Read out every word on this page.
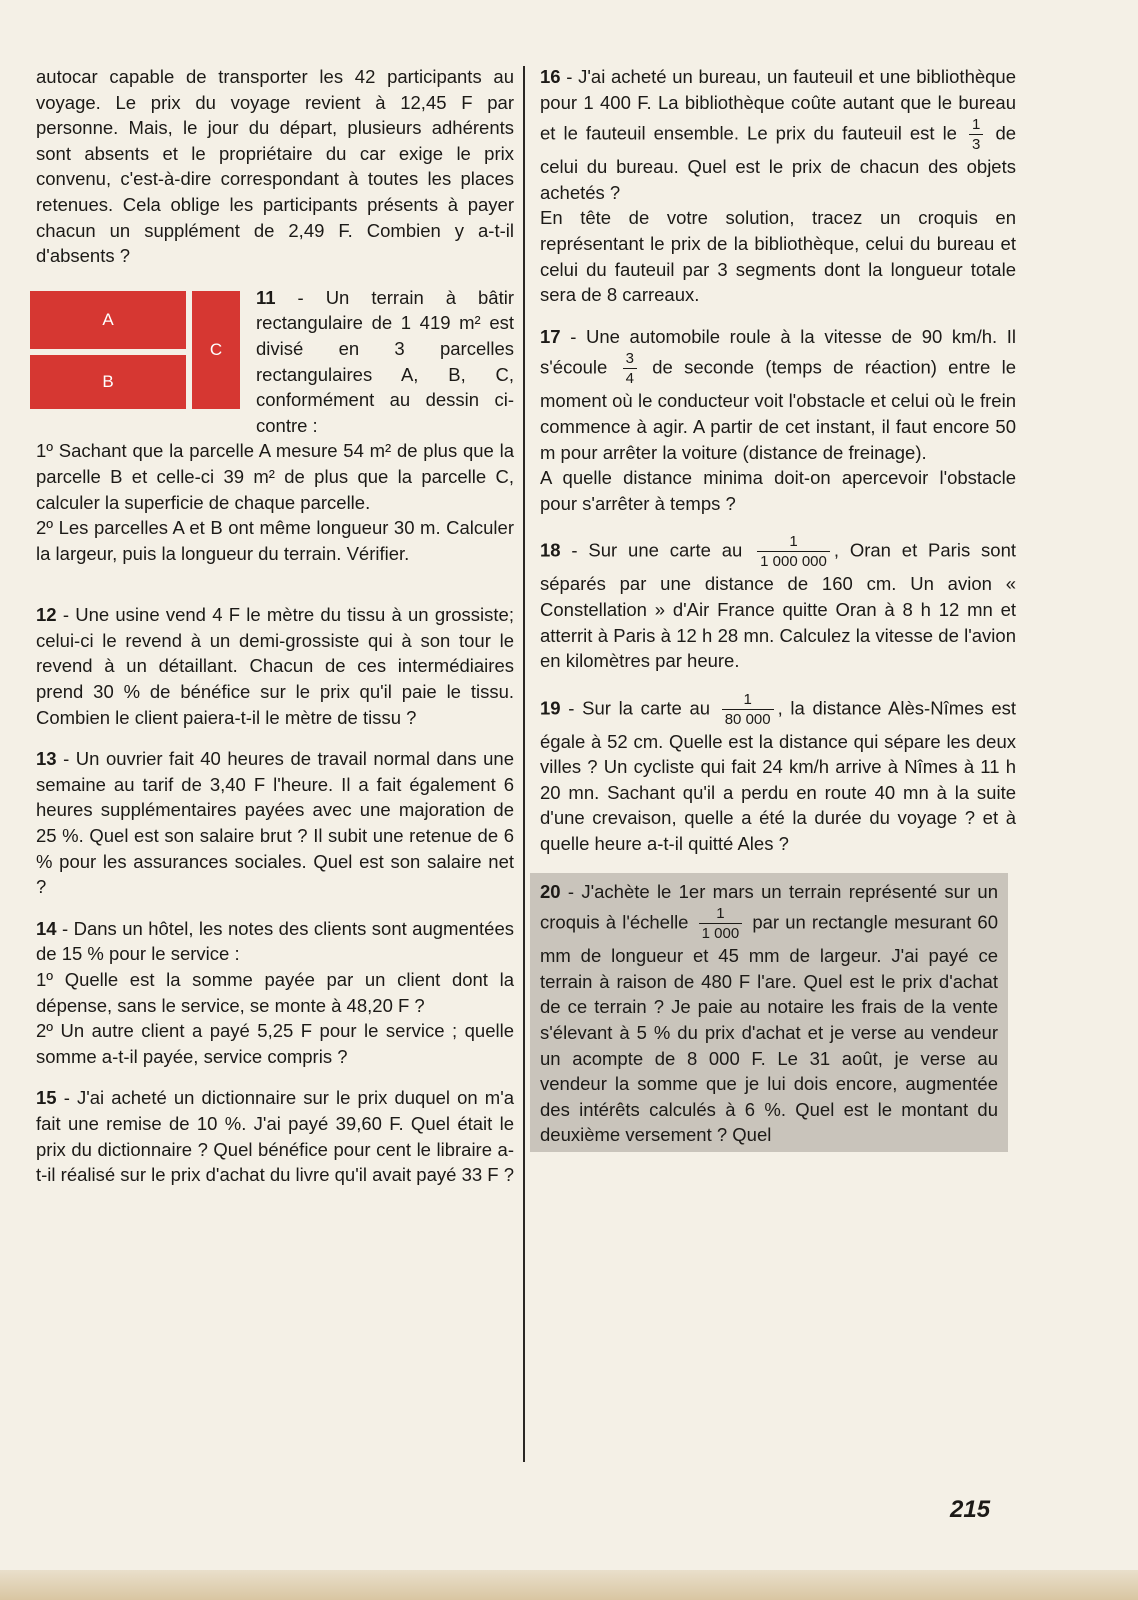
autocar capable de transporter les 42 participants au voyage. Le prix du voyage revient à 12,45 F par personne. Mais, le jour du départ, plusieurs adhérents sont absents et le propriétaire du car exige le prix convenu, c'est-à-dire correspondant à toutes les places retenues. Cela oblige les participants présents à payer chacun un supplément de 2,49 F. Combien y a-t-il d'absents ?

A
B
C

11 - Un terrain à bâtir rectangulaire de 1 419 m² est divisé en 3 parcelles rectangulaires A, B, C, conformément au dessin ci-contre :

1º Sachant que la parcelle A mesure 54 m² de plus que la parcelle B et celle-ci 39 m² de plus que la parcelle C, calculer la superficie de chaque parcelle.

2º Les parcelles A et B ont même longueur 30 m. Calculer la largeur, puis la longueur du terrain. Vérifier.

12 - Une usine vend 4 F le mètre du tissu à un grossiste; celui-ci le revend à un demi-grossiste qui à son tour le revend à un détaillant. Chacun de ces intermédiaires prend 30 % de bénéfice sur le prix qu'il paie le tissu. Combien le client paiera-t-il le mètre de tissu ?

13 - Un ouvrier fait 40 heures de travail normal dans une semaine au tarif de 3,40 F l'heure. Il a fait également 6 heures supplémentaires payées avec une majoration de 25 %. Quel est son salaire brut ? Il subit une retenue de 6 % pour les assurances sociales. Quel est son salaire net ?

14 - Dans un hôtel, les notes des clients sont augmentées de 15 % pour le service :

1º Quelle est la somme payée par un client dont la dépense, sans le service, se monte à 48,20 F ?

2º Un autre client a payé 5,25 F pour le service ; quelle somme a-t-il payée, service compris ?

15 - J'ai acheté un dictionnaire sur le prix duquel on m'a fait une remise de 10 %. J'ai payé 39,60 F. Quel était le prix du dictionnaire ? Quel bénéfice pour cent le libraire a-t-il réalisé sur le prix d'achat du livre qu'il avait payé 33 F ?

16 - J'ai acheté un bureau, un fauteuil et une bibliothèque pour 1 400 F. La bibliothèque coûte autant que le bureau et le fauteuil ensemble. Le prix du fauteuil est le $\frac{1}{3}$ de celui du bureau. Quel est le prix de chacun des objets achetés ?

En tête de votre solution, tracez un croquis en représentant le prix de la bibliothèque, celui du bureau et celui du fauteuil par 3 segments dont la longueur totale sera de 8 carreaux.

17 - Une automobile roule à la vitesse de 90 km/h. Il s'écoule $\frac{3}{4}$ de seconde (temps de réaction) entre le moment où le conducteur voit l'obstacle et celui où le frein commence à agir. A partir de cet instant, il faut encore 50 m pour arrêter la voiture (distance de freinage).

A quelle distance minima doit-on apercevoir l'obstacle pour s'arrêter à temps ?

18 - Sur une carte au $\frac{1}{1 000 000}$ , Oran et Paris sont séparés par une distance de 160 cm. Un avion « Constellation » d'Air France quitte Oran à 8 h 12 mn et atterrit à Paris à 12 h 28 mn. Calculez la vitesse de l'avion en kilomètres par heure.

19 - Sur la carte au $\frac{1}{80 000}$ , la distance Alès-Nîmes est égale à 52 cm. Quelle est la distance qui sépare les deux villes ? Un cycliste qui fait 24 km/h arrive à Nîmes à 11 h 20 mn. Sachant qu'il a perdu en route 40 mn à la suite d'une crevaison, quelle a été la durée du voyage ? et à quelle heure a-t-il quitté Ales ?

20 - J'achète le 1er mars un terrain représenté sur un croquis à l'échelle $\frac{1}{1 000}$ par un rectangle mesurant 60 mm de longueur et 45 mm de largeur. J'ai payé ce terrain à raison de 480 F l'are. Quel est le prix d'achat de ce terrain ? Je paie au notaire les frais de la vente s'élevant à 5 % du prix d'achat et je verse au vendeur un acompte de 8 000 F. Le 31 août, je verse au vendeur la somme que je lui dois encore, augmentée des intérêts calculés à 6 %. Quel est le montant du deuxième versement ? Quel

215
